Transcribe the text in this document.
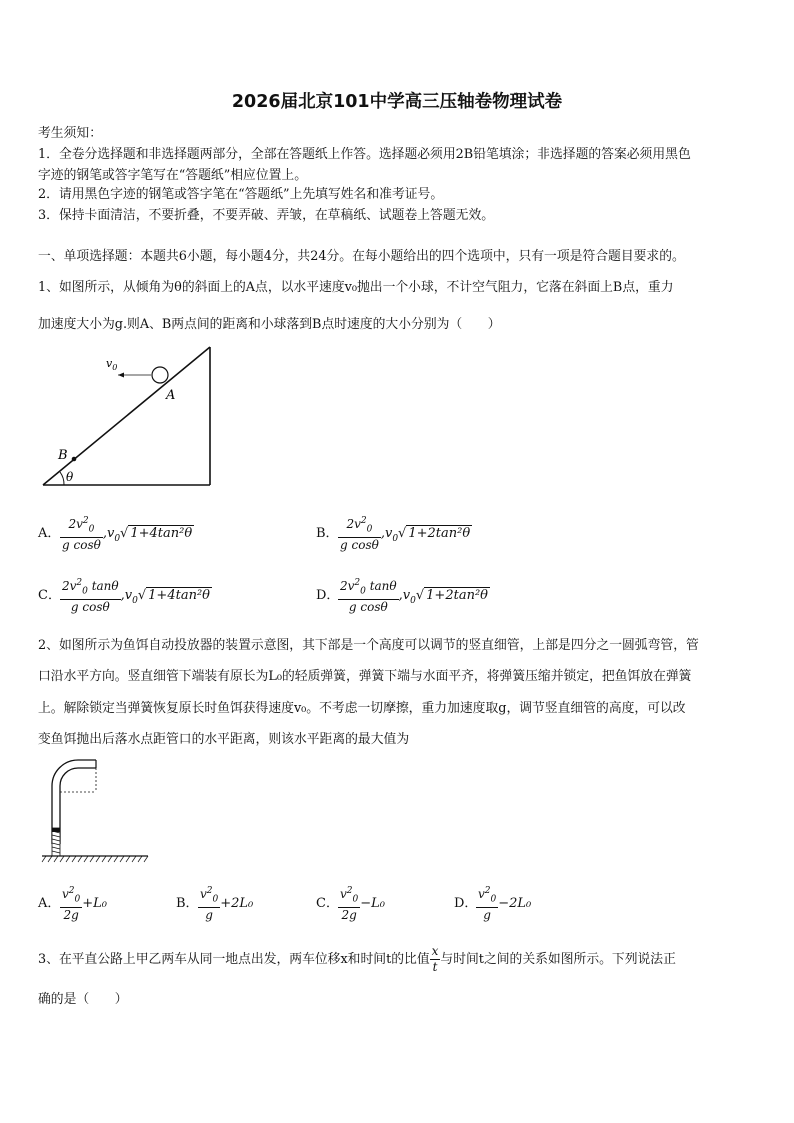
2026届北京101中学高三压轴卷物理试卷
考生须知：
1．全卷分选择题和非选择题两部分，全部在答题纸上作答。选择题必须用2B铅笔填涂；非选择题的答案必须用黑色
字迹的钢笔或答字笔写在“答题纸”相应位置上。
2．请用黑色字迹的钢笔或答字笔在“答题纸”上先填写姓名和准考证号。
3．保持卡面清洁，不要折叠，不要弄破、弄皱，在草稿纸、试题卷上答题无效。
一、单项选择题：本题共6小题，每小题4分，共24分。在每小题给出的四个选项中，只有一项是符合题目要求的。
1、如图所示，从倾角为θ的斜面上的A点，以水平速度v₀抛出一个小球，不计空气阻力，它落在斜面上B点，重力
加速度大小为g.则A、B两点间的距离和小球落到B点时速度的大小分别为（　　）
$v_0$
A
B
θ
A． $\frac{2v^2_0}{\text{g cosθ}} ,v_0√$ 1+4tan²θ	B． $\frac{2v^2_0}{\text{g cosθ}} ,v_0√$ 1+2tan²θ
C． $\frac{2v^2_0 \tan\theta}{\text{g cosθ}} ,v_0√$ 1+4tan²θ	D．
$\frac{2v^2_0 \tan\theta}{\text{g cosθ}} ,v_0√$ 1+2tan²θ
2、如图所示为鱼饵自动投放器的装置示意图，其下部是一个高度可以调节的竖直细管，上部是四分之一圆弧弯管，管
口沿水平方向。竖直细管下端装有原长为L₀的轻质弹簧，弹簧下端与水面平齐，将弹簧压缩并锁定，把鱼饵放在弹簧
上。解除锁定当弹簧恢复原长时鱼饵获得速度v₀。不考虑一切摩擦，重力加速度取g，调节竖直细管的高度，可以改
变鱼饵抛出后落水点距管口的水平距离，则该水平距离的最大值为
A． $\frac{v^2_0}{2g} +L_0$	B． $\frac{v^2_0}{g} +2L_0$	C． $\frac{v^2_0}{2g} -L_0$	D．
$\frac{v^2_0}{g} -2L_0$
3、在平直公路上甲乙两车从同一地点出发，两车位移x和时间t的比值 $\frac{x}{t}$ 与时间t之间的关系如图所示。下列说法正
确的是（　　）
